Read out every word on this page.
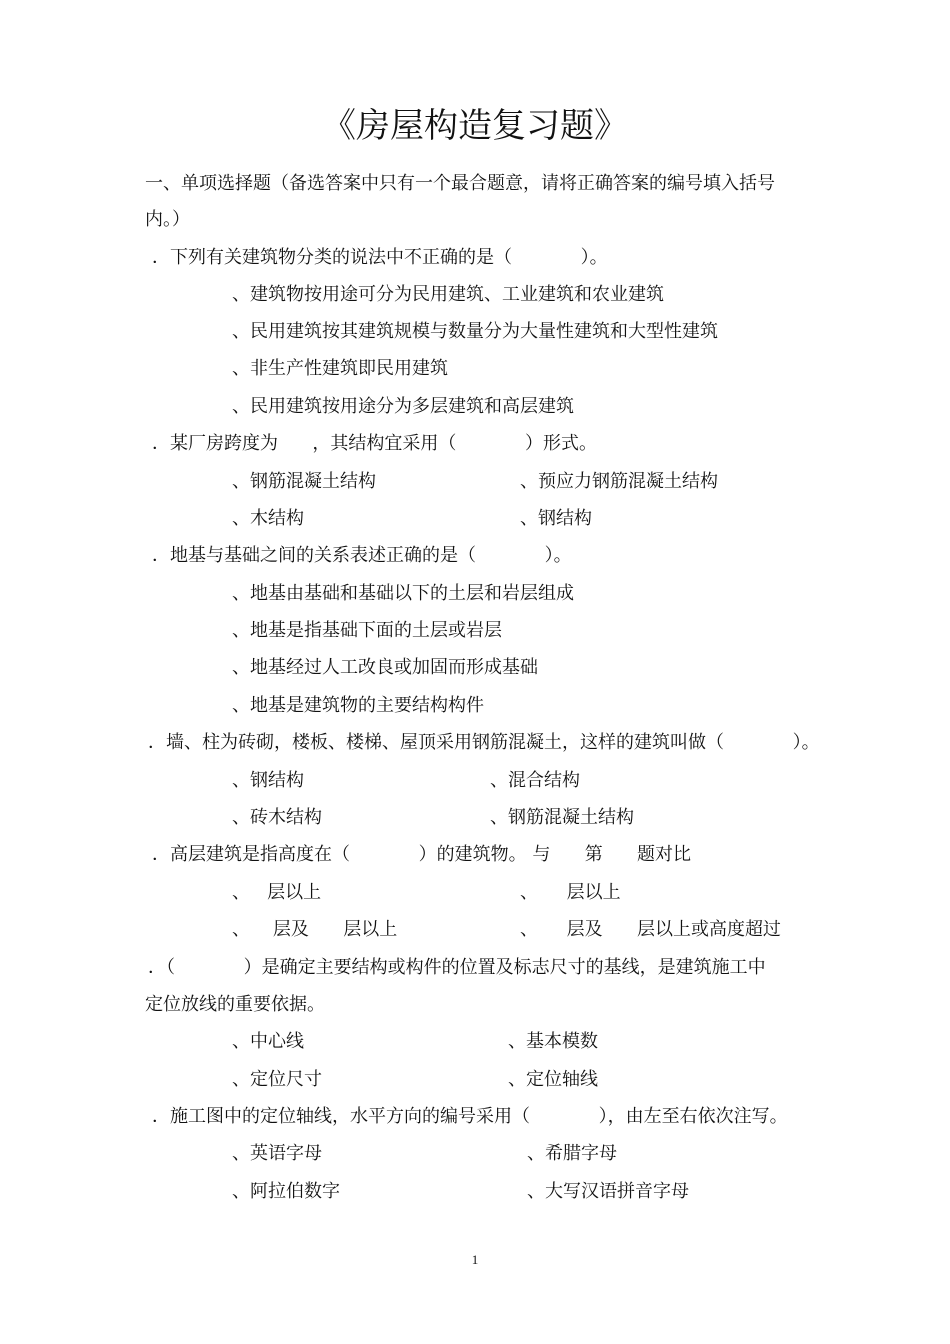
《房屋构造复习题》
一、单项选择题（备选答案中只有一个最合题意，请将正确答案的编号填入括号
内。）
．下列有关建筑物分类的说法中不正确的是（            ）。
、建筑物按用途可分为民用建筑、工业建筑和农业建筑
、民用建筑按其建筑规模与数量分为大量性建筑和大型性建筑
、非生产性建筑即民用建筑
、民用建筑按用途分为多层建筑和高层建筑
．某厂房跨度为      ，其结构宜采用（            ）形式。
、钢筋混凝土结构	、预应力钢筋混凝土结构
、木结构	、钢结构
．地基与基础之间的关系表述正确的是（            ）。
、地基由基础和基础以下的土层和岩层组成
、地基是指基础下面的土层或岩层
、地基经过人工改良或加固而形成基础
、地基是建筑物的主要结构构件
．墙、柱为砖砌，楼板、楼梯、屋顶采用钢筋混凝土，这样的建筑叫做（            ）。
、钢结构	、混合结构
、砖木结构	、钢筋混凝土结构
．高层建筑是指高度在（            ）的建筑物。 与      第      题对比
、   层以上	、     层以上
、    层及      层以上	、     层及      层以上或高度超过
．（            ）是确定主要结构或构件的位置及标志尺寸的基线，是建筑施工中
定位放线的重要依据。
、中心线	、基本模数
、定位尺寸	、定位轴线
．施工图中的定位轴线，水平方向的编号采用（            ），由左至右依次注写。
、英语字母	、希腊字母
、阿拉伯数字	、大写汉语拼音字母
1
